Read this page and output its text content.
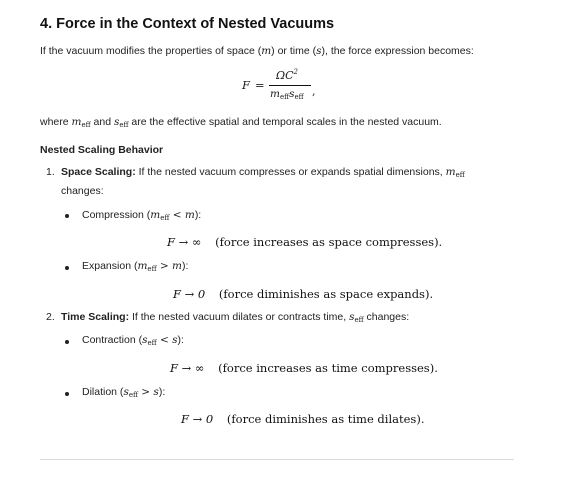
4. Force in the Context of Nested Vacuums
If the vacuum modifies the properties of space (m) or time (s), the force expression becomes:
F =
$\Omega C^2$
$m_{eff}s_{eff}$ ,
where $m_{eff}$ and $s_{eff}$ are the effective spatial and temporal scales in the nested vacuum.
Nested Scaling Behavior
1. Space Scaling: If the nested vacuum compresses or expands spatial dimensions, $m_{eff}$
changes:
Compression $(m_{eff} < m)$:
F → ∞ (force increases as space compresses).
Expansion $(m_{eff} > m)$:
F → 0 (force diminishes as space expands).
2. Time Scaling: If the nested vacuum dilates or contracts time, $s_{eff}$ changes:
Contraction $(s_{eff} < s)$:
F → ∞ (force increases as time compresses).
Dilation $(s_{eff} > s)$:
F → 0 (force diminishes as time dilates).
